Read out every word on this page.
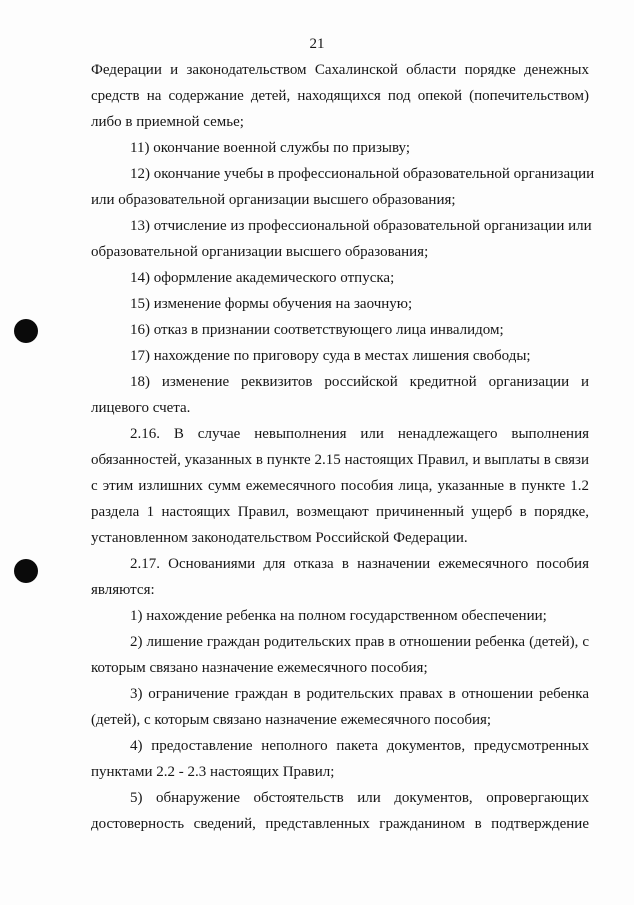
21
Федерации и законодательством Сахалинской области порядке денежных
средств на содержание детей, находящихся под опекой (попечительством)
либо в приемной семье;
11) окончание военной службы по призыву;
12) окончание учебы в профессиональной образовательной организации
или образовательной организации высшего образования;
13) отчисление из профессиональной образовательной организации или
образовательной организации высшего образования;
14) оформление академического отпуска;
15) изменение формы обучения на заочную;
16) отказ в признании соответствующего лица инвалидом;
17) нахождение по приговору суда в местах лишения свободы;
18) изменение реквизитов российской кредитной организации и
лицевого счета.
2.16. В случае невыполнения или ненадлежащего выполнения
обязанностей, указанных в пункте 2.15 настоящих Правил, и выплаты в связи
с этим излишних сумм ежемесячного пособия лица, указанные в пункте 1.2
раздела 1 настоящих Правил, возмещают причиненный ущерб в порядке,
установленном законодательством Российской Федерации.
2.17. Основаниями для отказа в назначении ежемесячного пособия
являются:
1) нахождение ребенка на полном государственном обеспечении;
2) лишение граждан родительских прав в отношении ребенка (детей), с
которым связано назначение ежемесячного пособия;
3) ограничение граждан в родительских правах в отношении ребенка
(детей), с которым связано назначение ежемесячного пособия;
4) предоставление неполного пакета документов, предусмотренных
пунктами 2.2 - 2.3 настоящих Правил;
5) обнаружение обстоятельств или документов, опровергающих
достоверность сведений, представленных гражданином в подтверждение
